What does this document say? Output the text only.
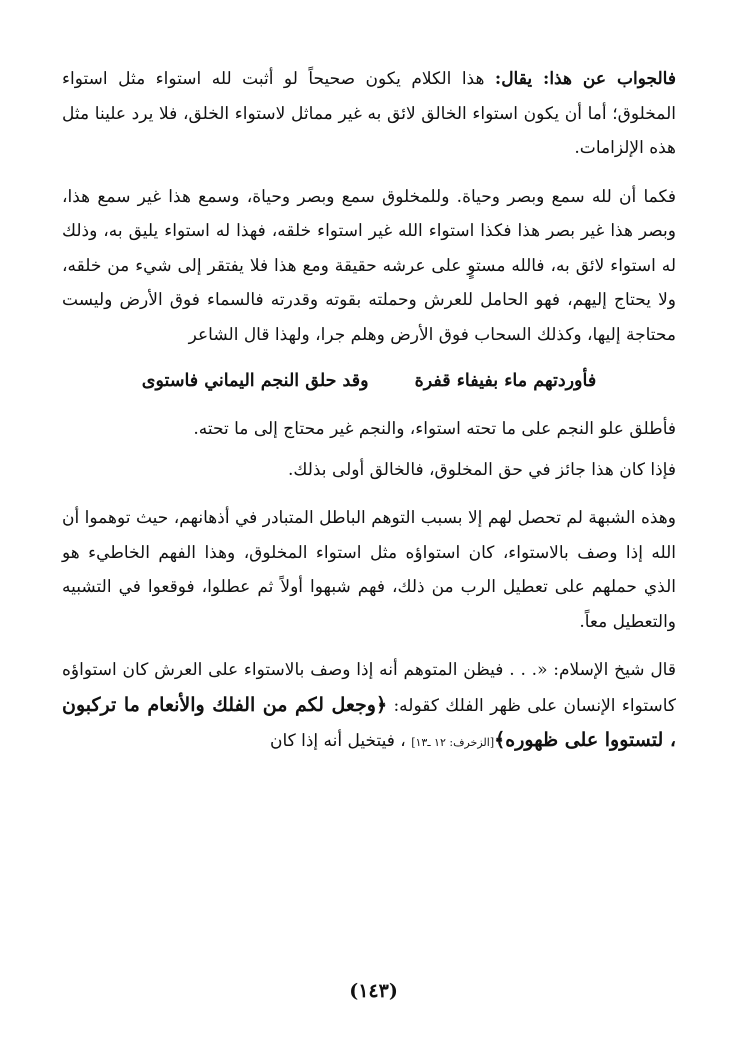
فالجواب عن هذا: يقال: هذا الكلام يكون صحيحاً لو أثبت لله استواء مثل استواء المخلوق؛ أما أن يكون استواء الخالق لائق به غير مماثل لاستواء الخلق، فلا يرد علينا مثل هذه الإلزامات.

فكما أن لله سمع وبصر وحياة. وللمخلوق سمع وبصر وحياة، وسمع هذا غير سمع هذا، وبصر هذا غير بصر هذا فكذا استواء الله غير استواء خلقه، فهذا له استواء يليق به، وذلك له استواء لائق به، فالله مستوٍ على عرشه حقيقة ومع هذا فلا يفتقر إلى شيء من خلقه، ولا يحتاج إليهم، فهو الحامل للعرش وحملته بقوته وقدرته فالسماء فوق الأرض وليست محتاجة إليها، وكذلك السحاب فوق الأرض وهلم جرا، ولهذا قال الشاعر

فأوردتهم ماء بفيفاء قفرة
وقد حلق النجم اليماني فاستوى

فأطلق علو النجم على ما تحته استواء، والنجم غير محتاج إلى ما تحته.

فإذا كان هذا جائز في حق المخلوق، فالخالق أولى بذلك.

وهذه الشبهة لم تحصل لهم إلا بسبب التوهم الباطل المتبادر في أذهانهم، حيث توهموا أن الله إذا وصف بالاستواء، كان استواؤه مثل استواء المخلوق، وهذا الفهم الخاطيء هو الذي حملهم على تعطيل الرب من ذلك، فهم شبهوا أولاً ثم عطلوا، فوقعوا في التشبيه والتعطيل معاً.

قال شيخ الإسلام: «. . . فيظن المتوهم أنه إذا وصف بالاستواء على العرش كان استواؤه كاستواء الإنسان على ظهر الفلك كقوله: ﴿وجعل لكم من الفلك والأنعام ما تركبون ، لتستووا على ظهوره﴾[الزخرف: ١٢ ـ١٣] ، فيتخيل أنه إذا كان

(١٤٣)
